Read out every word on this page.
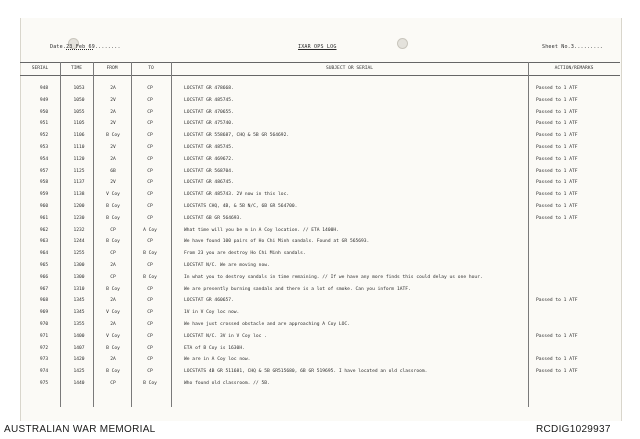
Date.23 Feb 69........	IXAR OPS LOG	Sheet No.3.........
SERIAL	TIME	FROM	TO	SUBJECT OR SERIAL	ACTION/REMARKS
948	1053	2A	CP	LOCSTAT GR 478668.	Passed to 1 ATF
949	1050	2V	CP	LOCSTAT GR 485745.	Passed to 1 ATF
950	1055	2A	CP	LOCSTAT GR 470655.	Passed to 1 ATF
951	1105	2V	CP	LOCSTAT GR 475740.	Passed to 1 ATF
952	1106	B Coy	CP	LOCSTAT GR 558687, CHQ & 5B GR 564692.	Passed to 1 ATF
953	1110	2V	CP	LOCSTAT GR 485745.	Passed to 1 ATF
954	1120	2A	CP	LOCSTAT GR 469672.	Passed to 1 ATF
957	1125	6B	CP	LOCSTAT GR 568704.	Passed to 1 ATF
958	1137	2V	CP	LOCSTAT GR 486745.	Passed to 1 ATF
959	1138	V Coy	CP	LOCSTAT GR 485743. 2V now in this loc.	Passed to 1 ATF
960	1200	B Coy	CP	LOCSTATS CHQ, 4B, & 5B N/C, 6B GR 564700.	Passed to 1 ATF
961	1230	B Coy	CP	LOCSTAT 6B GR 564693.	Passed to 1 ATF
962	1232	CP	A Coy	What time will you be m in A Coy location. // ETA 1400H.
963	1244	B Coy	CP	We have found 100 pairs of Ho Chi Minh sandals. Found at GR 565693.
964	1255	CP	B Coy	From 23 you are destroy Ho Chi Minh sandals.
965	1300	2A	CP	LOCSTAT N/C. We are moving now.
966	1300	CP	B Coy	In what you to destroy sandals in time remaining. // If we have any more finds this could delay us one hour.
967	1310	B Coy	CP	We are presently burning sandals and there is a lot of smoke. Can you inform 1ATF.
968	1345	2A	CP	LOCSTAT GR 460657.	Passed to 1 ATF
969	1345	V Coy	CP	1V in V Coy loc now.
970	1355	2A	CP	We have just crossed obstacle and are approaching A Coy LOC.
971	1400	V Coy	CP	LOCSTAT N/C. 3V in V Coy loc .	Passed to 1 ATF
972	1407	B Coy	CP	ETA of B Coy is 1630H.
973	1420	2A	CP	We are in A Coy loc now.	Passed to 1 ATF
974	1425	B Coy	CP	LOCSTATS 4B GR 511681, CHQ & 5B GR515680, 6B GR 519695. I have located an old classroom.	Passed to 1 ATF
975	1440	CP	B Coy	Who found old classroom. // 5B.
AUSTRALIAN WAR MEMORIAL	RCDIG1029937
